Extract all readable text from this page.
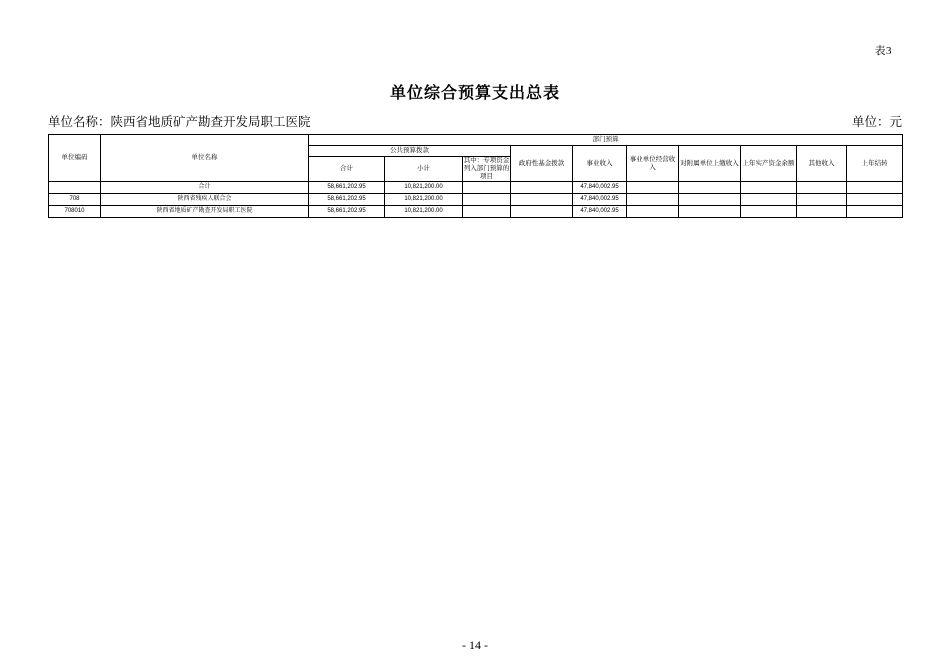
表3
单位综合预算支出总表
单位名称：陕西省地质矿产勘查开发局职工医院	单位：元
单位编码	单位名称	部门预算									
		公共预算拨款			政府性基金拨款	事业收入	事业单位经营收入	对附属单位上缴收入	上年实产资金余额	其他收入	上年结转
		合计	小计	其中：专项资金列入部门预算的项目							
	合计	58,661,202.95	10,821,200.00			47,840,002.95					
708	陕西省残疾人联合会	58,661,202.95	10,821,200.00			47,840,002.95					
708010	陕西省地质矿产勘查开发局职工医院	58,661,202.95	10,821,200.00			47,840,002.95					
- 14 -
